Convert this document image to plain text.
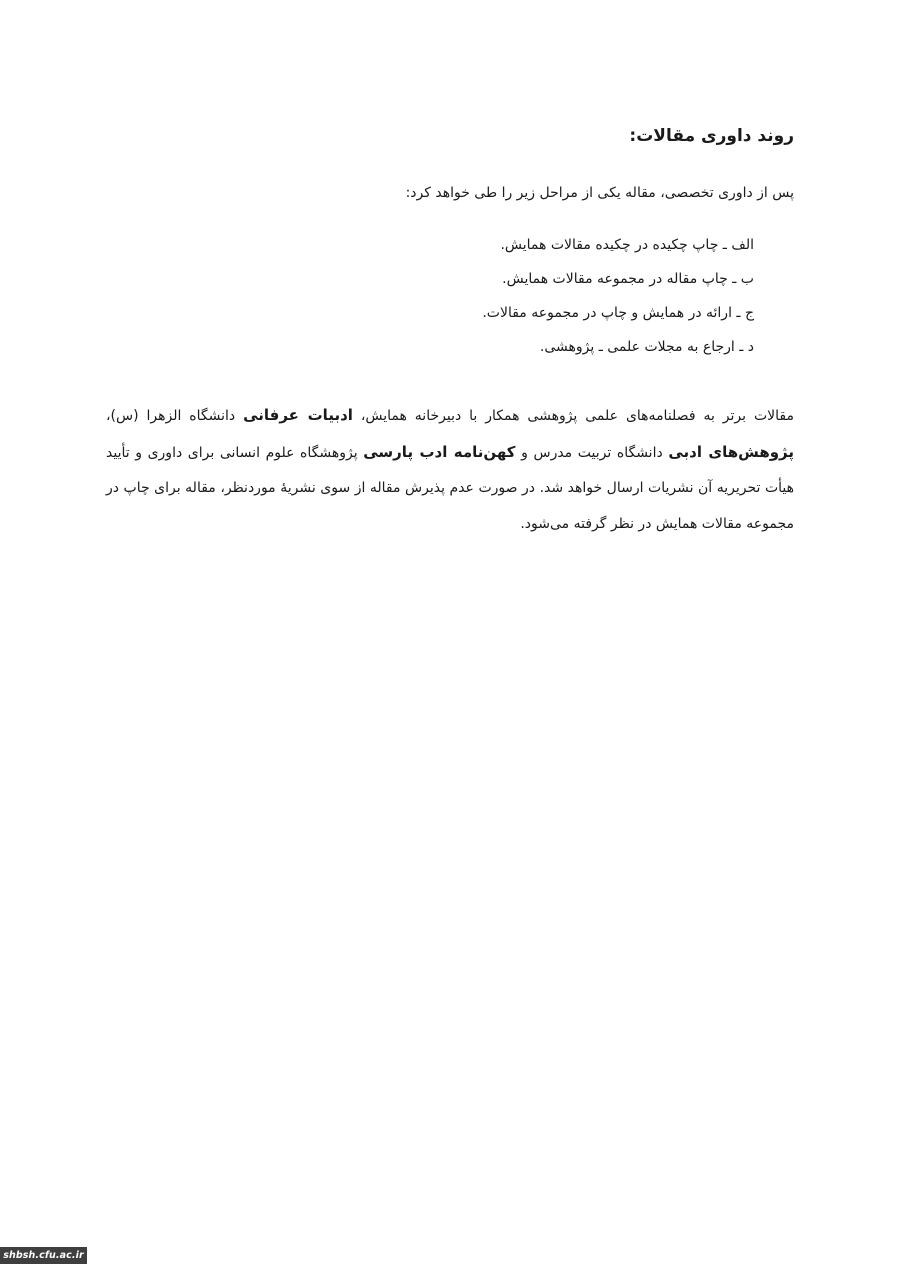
روند داوری مقالات:

پس از داوری تخصصی، مقاله یکی از مراحل زیر را طی خواهد کرد:

الف ـ چاپ چکیده در چکیده مقالات همایش.
ب ـ چاپ مقاله در مجموعه مقالات همایش.
ج ـ ارائه در همایش و چاپ در مجموعه مقالات.
د ـ ارجاع به مجلات علمی ـ پژوهشی.

مقالات برتر به فصلنامه‌های علمی پژوهشی همکار با دبیرخانه همایش، ادبیات عرفانی دانشگاه الزهرا (س)، پژوهش‌های ادبی دانشگاه تربیت مدرس و کهن‌نامه ادب پارسی پژوهشگاه علوم انسانی برای داوری و تأیید هیأت تحریریه آن نشریات ارسال خواهد شد. در صورت عدم پذیرش مقاله از سوی نشریهٔ موردنظر، مقاله برای چاپ در مجموعه مقالات همایش در نظر گرفته می‌شود.

shbsh.cfu.ac.ir
